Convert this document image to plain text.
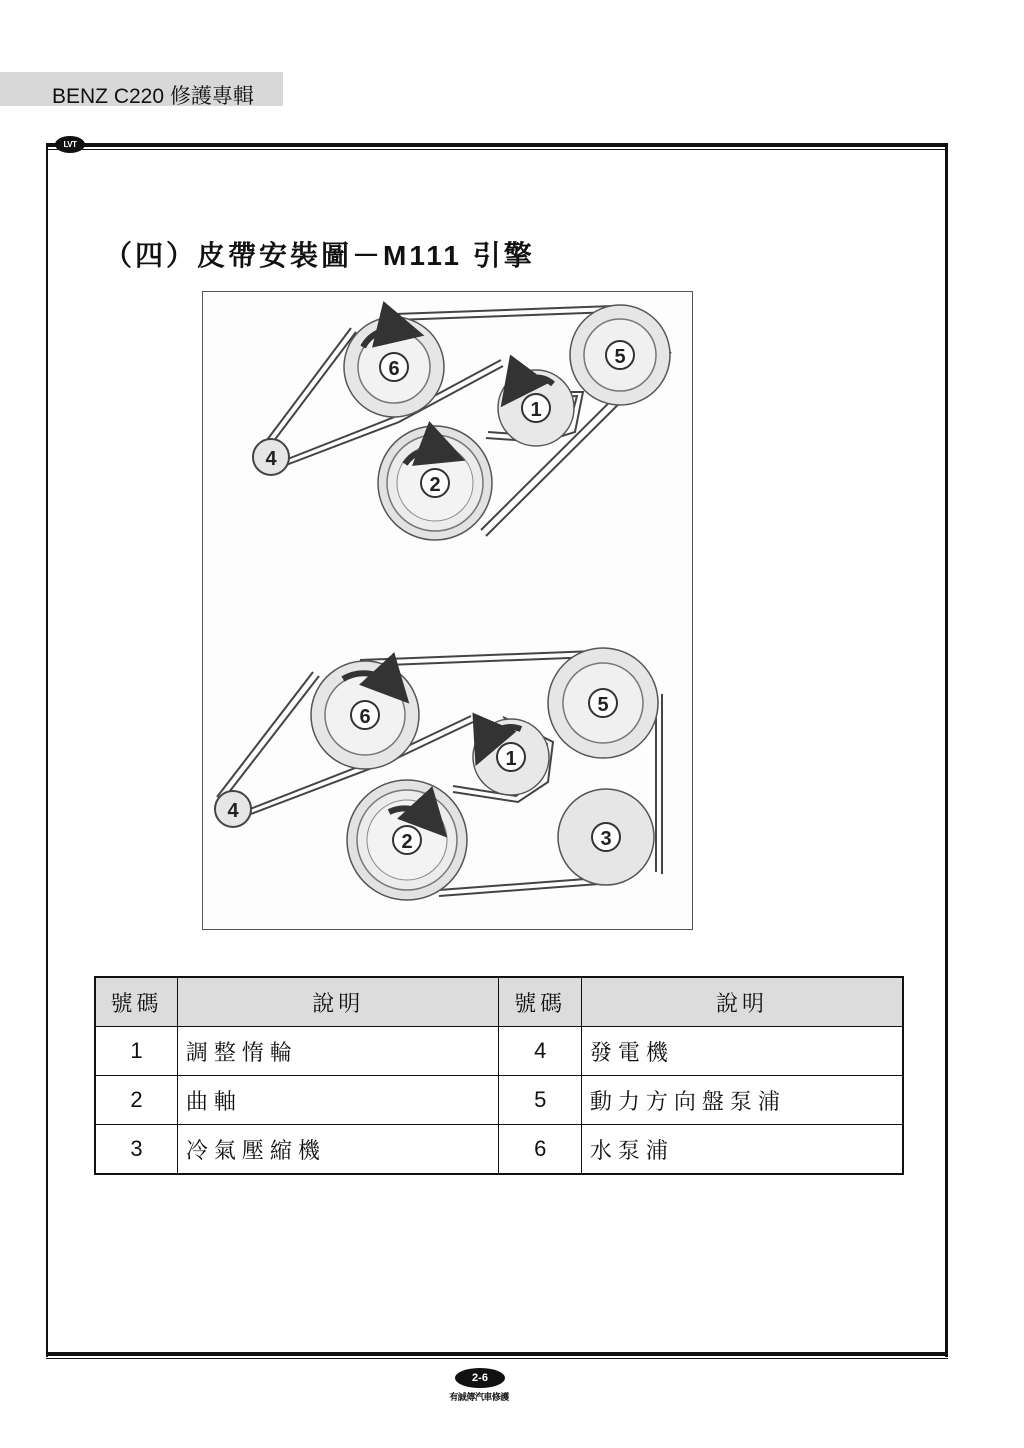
BENZ C220 修護專輯
LVT
（四）皮帶安裝圖－M111 引擎
6
5
1
4
2
6
5
1
4
2	3
號碼	說明	號碼	說明
1	調整惰輪	4	發電機
2	曲軸	5	動力方向盤泵浦
3	冷氣壓縮機	6	水泵浦
2-6
有誠傳汽車修護
